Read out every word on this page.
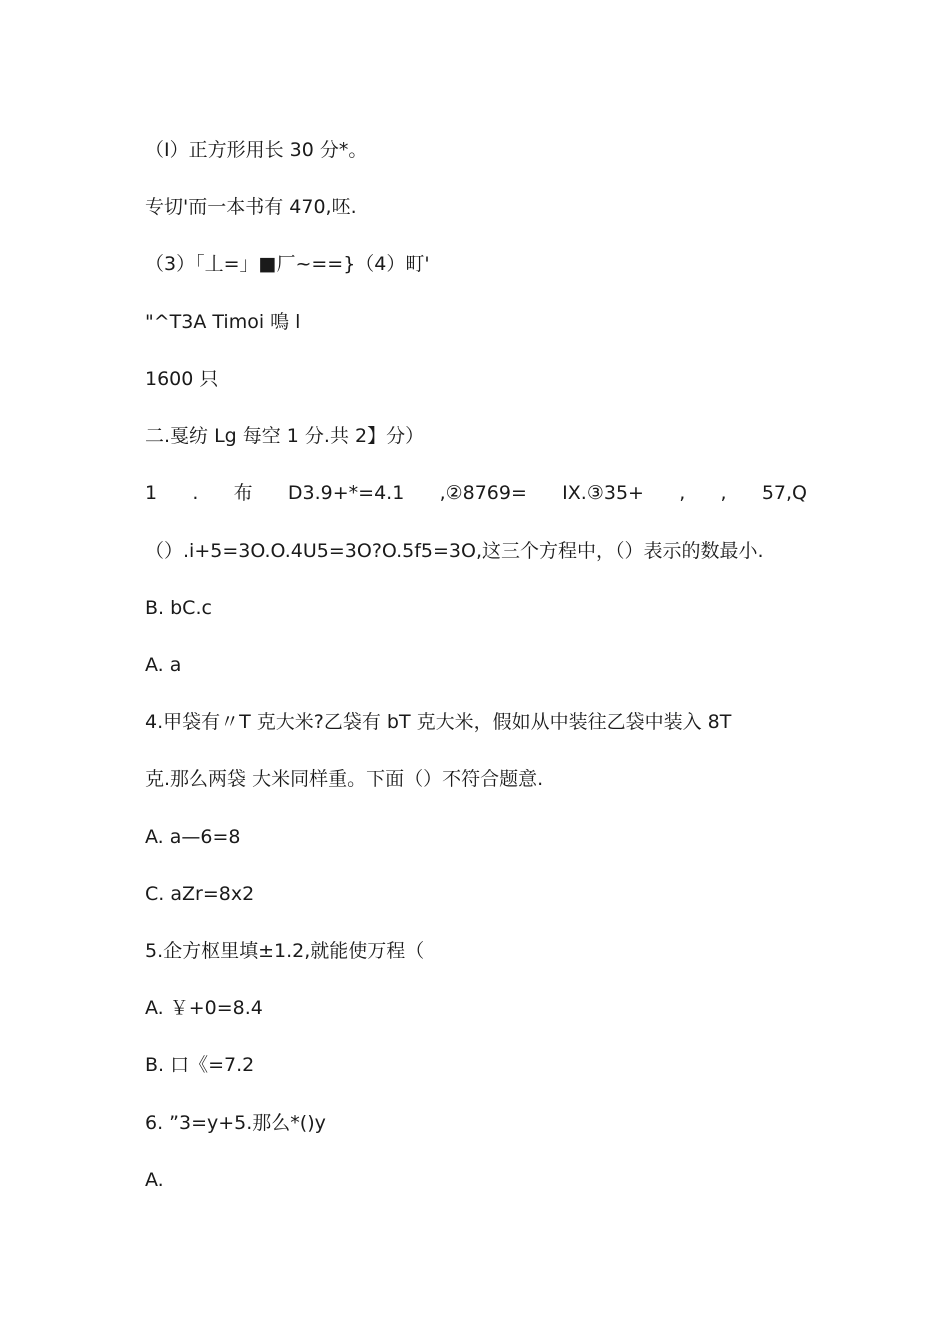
（I）正方形用长 30 分*。
专切'而一本书有 470,呸.
（3）「丄=」■厂~==}（4）町'
"^T3A Timoi 鳴 l
1600 只
二.戛纺 Lg 每空 1 分.共 2】分）
1 . 布 D3.9+*=4.1 ,②8769= IX.③35+ , , 57,Q
（）.i+5=3O.O.4U5=3O?O.5f5=3O,这三个方程中，（）表示的数最小.
B. bC.c
A. a
4.甲袋有〃T 克大米?乙袋有 bT 克大米，假如从中装往乙袋中装入 8T
克.那么两袋 大米同样重。下面（）不符合题意.
A. a—6=8
C. aZr=8x2
5.企方枢里填±1.2,就能使万程（
A. ￥+0=8.4
B. 口《=7.2
6. ”3=y+5.那么*()y
A.
